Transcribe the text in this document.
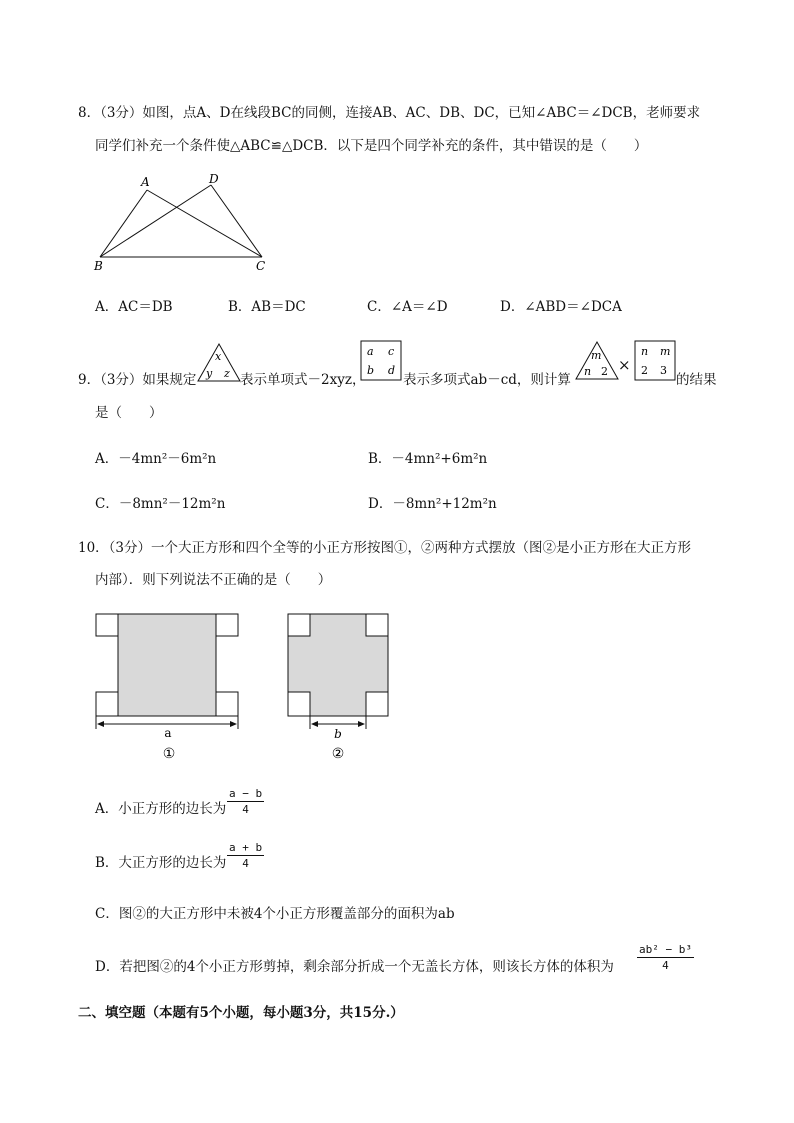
8．（3分）如图，点A、D在线段BC的同侧，连接AB、AC、DB、DC，已知∠ABC＝∠DCB，老师要求
同学们补充一个条件使△ABC≌△DCB．以下是四个同学补充的条件，其中错误的是（　　）
A	D
B	C
A．AC＝DB	B．AB＝DC	C．∠A＝∠D	D．∠ABD＝∠DCA
9．（3分）如果规定
x
y z 表示单项式－2xyz，
a c
b d
表示多项式ab－cd，则计算
m
n 2 ×
n m
2 3
的结果
是（　　）
A．－4mn²－6m²n	B．－4mn²+6m²n
C．－8mn²－12m²n	D．－8mn²+12m²n
10．（3分）一个大正方形和四个全等的小正方形按图①，②两种方式摆放（图②是小正方形在大正方形
内部）．则下列说法不正确的是（　　）
a
①
b
②
A．小正方形的边长为 $\frac{a - b}{4}$
B．大正方形的边长为 $\frac{a + b}{4}$
C．图②的大正方形中未被4个小正方形覆盖部分的面积为ab
D．若把图②的4个小正方形剪掉，剩余部分折成一个无盖长方体，则该长方体的体积为 $\frac{\text{ab² − b³}}{4}$
二、填空题（本题有5个小题，每小题3分，共15分.）
